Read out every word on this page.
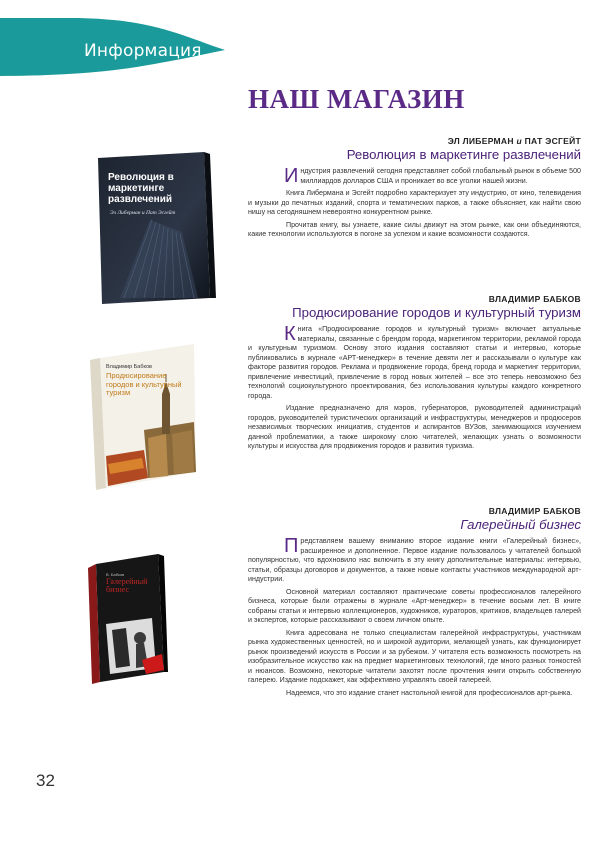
Информация
НАШ МАГАЗИН
Революция в маркетинге развлечений
Эл Либерман и Пат Эсгейт
Владимир Бабков
Продюсирование городов и культурный туризм
В. Бабков
Галерейный бизнес
ЭЛ ЛИБЕРМАН и ПАТ ЭСГЕЙТ
Революция в маркетинге развлечений

Индустрия развлечений сегодня представляет собой глобальный рынок в объеме 500 миллиардов долларов США и проникает во все уголки нашей жизни.

Книга Либермана и Эсгейт подробно характеризует эту индустрию, от кино, телевидения и музыки до печатных изданий, спорта и тематических парков, а также объясняет, как найти свою нишу на сегодняшнем невероятно конкурентном рынке.

Прочитав книгу, вы узнаете, какие силы движут на этом рынке, как они объединяются, какие технологии используются в погоне за успехом и какие возможности создаются.

ВЛАДИМИР БАБКОВ
Продюсирование городов и культурный туризм

Книга «Продюсирование городов и культурный туризм» включает актуальные материалы, связанные с брендом города, маркетингом территории, рекламой города и культурным туризмом. Основу этого издания составляют статьи и интервью, которые публиковались в журнале «АРТ-менеджер» в течение девяти лет и рассказывали о культуре как факторе развития городов. Реклама и продвижение города, бренд города и маркетинг территории, привлечение инвестиций, привлечение в город новых жителей – все это теперь невозможно без технологий социокультурного проектирования, без использования культуры каждого конкретного города.

Издание предназначено для мэров, губернаторов, руководителей администраций городов, руководителей туристических организаций и инфраструктуры, менеджеров и продюсеров независимых творческих инициатив, студентов и аспирантов ВУЗов, занимающихся изучением данной проблематики, а также широкому слою читателей, желающих узнать о возможности культуры и искусства для продвижения городов и развития туризма.

ВЛАДИМИР БАБКОВ
Галерейный бизнес

Представляем вашему вниманию второе издание книги «Галерейный бизнес», расширенное и дополненное. Первое издание пользовалось у читателей большой популярностью, что вдохновило нас включить в эту книгу дополнительные материалы: интервью, статьи, образцы договоров и документов, а также новые контакты участников международной арт-индустрии.

Основной материал составляют практические советы профессионалов галерейного бизнеса, которые были отражены в журнале «Арт-менеджер» в течение восьми лет. В книге собраны статьи и интервью коллекционеров, художников, кураторов, критиков, владельцев галерей и экспертов, которые рассказывают о своем личном опыте.

Книга адресована не только специалистам галерейной инфраструктуры, участникам рынка художественных ценностей, но и широкой аудитории, желающей узнать, как функционирует рынок произведений искусств в России и за рубежом. У читателя есть возможность посмотреть на изобразительное искусство как на предмет маркетинговых технологий, где много разных тонкостей и нюансов. Возможно, некоторые читатели захотят после прочтения книги открыть собственную галерею. Издание подскажет, как эффективно управлять своей галереей.

Надеемся, что это издание станет настольной книгой для профессионалов арт-рынка.

32
